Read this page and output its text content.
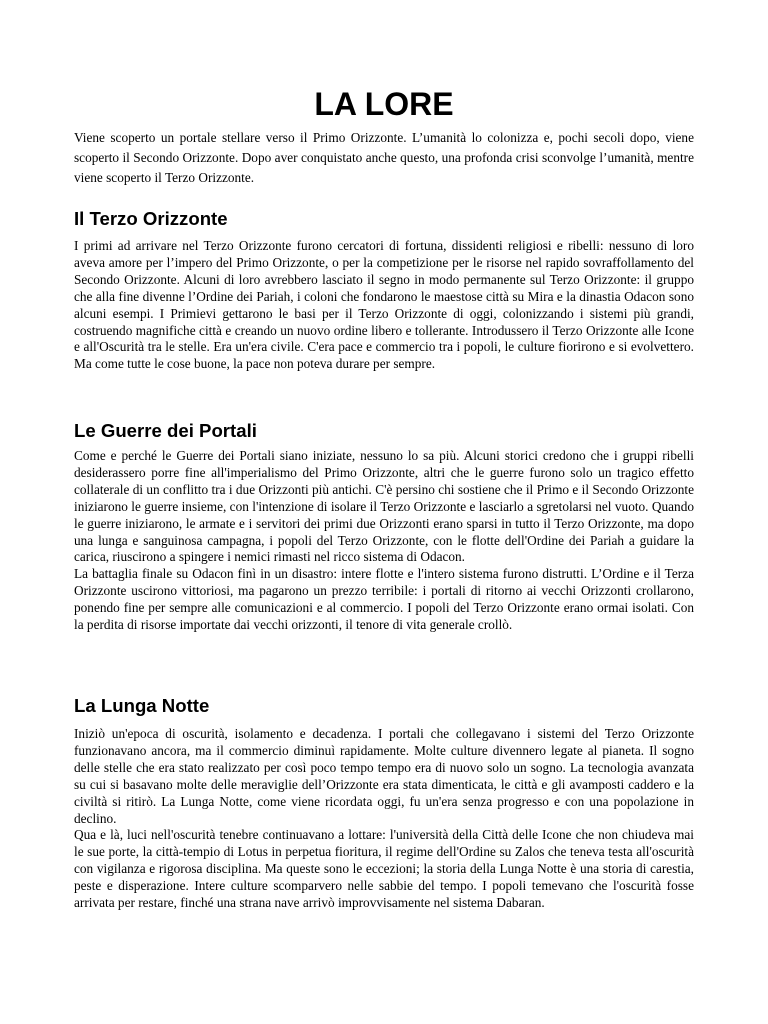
LA LORE

Viene scoperto un portale stellare verso il Primo Orizzonte. L’umanità lo colonizza e, pochi secoli dopo, viene scoperto il Secondo Orizzonte. Dopo aver conquistato anche questo, una profonda crisi sconvolge l’umanità, mentre viene scoperto il Terzo Orizzonte.

Il Terzo Orizzonte

I primi ad arrivare nel Terzo Orizzonte furono cercatori di fortuna, dissidenti religiosi e ribelli: nessuno di loro aveva amore per l’impero del Primo Orizzonte, o per la competizione per le risorse nel rapido sovraffollamento del Secondo Orizzonte. Alcuni di loro avrebbero lasciato il segno in modo permanente sul Terzo Orizzonte: il gruppo che alla fine divenne l’Ordine dei Pariah, i coloni che fondarono le maestose città su Mira e la dinastia Odacon sono alcuni esempi. I Primievi gettarono le basi per il Terzo Orizzonte di oggi, colonizzando i sistemi più grandi, costruendo magnifiche città e creando un nuovo ordine libero e tollerante. Introdussero il Terzo Orizzonte alle Icone e all'Oscurità tra le stelle. Era un'era civile. C'era pace e commercio tra i popoli, le culture fiorirono e si evolvettero. Ma come tutte le cose buone, la pace non poteva durare per sempre.

Le Guerre dei Portali

Come e perché le Guerre dei Portali siano iniziate, nessuno lo sa più. Alcuni storici credono che i gruppi ribelli desiderassero porre fine all'imperialismo del Primo Orizzonte, altri che le guerre furono solo un tragico effetto collaterale di un conflitto tra i due Orizzonti più antichi. C'è persino chi sostiene che il Primo e il Secondo Orizzonte iniziarono le guerre insieme, con l'intenzione di isolare il Terzo Orizzonte e lasciarlo a sgretolarsi nel vuoto. Quando le guerre iniziarono, le armate e i servitori dei primi due Orizzonti erano sparsi in tutto il Terzo Orizzonte, ma dopo una lunga e sanguinosa campagna, i popoli del Terzo Orizzonte, con le flotte dell'Ordine dei Pariah a guidare la carica, riuscirono a spingere i nemici rimasti nel ricco sistema di Odacon.

La battaglia finale su Odacon finì in un disastro: intere flotte e l'intero sistema furono distrutti. L’Ordine e il Terza Orizzonte uscirono vittoriosi, ma pagarono un prezzo terribile: i portali di ritorno ai vecchi Orizzonti crollarono, ponendo fine per sempre alle comunicazioni e al commercio. I popoli del Terzo Orizzonte erano ormai isolati. Con la perdita di risorse importate dai vecchi orizzonti, il tenore di vita generale crollò.

La Lunga Notte

Iniziò un'epoca di oscurità, isolamento e decadenza. I portali che collegavano i sistemi del Terzo Orizzonte funzionavano ancora, ma il commercio diminuì rapidamente. Molte culture divennero legate al pianeta. Il sogno delle stelle che era stato realizzato per così poco tempo tempo era di nuovo solo un sogno. La tecnologia avanzata su cui si basavano molte delle meraviglie dell’Orizzonte era stata dimenticata, le città e gli avamposti caddero e la civiltà si ritirò. La Lunga Notte, come viene ricordata oggi, fu un'era senza progresso e con una popolazione in declino.

Qua e là, luci nell'oscurità tenebre continuavano a lottare: l'università della Città delle Icone che non chiudeva mai le sue porte, la città-tempio di Lotus in perpetua fioritura, il regime dell'Ordine su Zalos che teneva testa all'oscurità con vigilanza e rigorosa disciplina. Ma queste sono le eccezioni; la storia della Lunga Notte è una storia di carestia, peste e disperazione. Intere culture scomparvero nelle sabbie del tempo. I popoli temevano che l'oscurità fosse arrivata per restare, finché una strana nave arrivò improvvisamente nel sistema Dabaran.
